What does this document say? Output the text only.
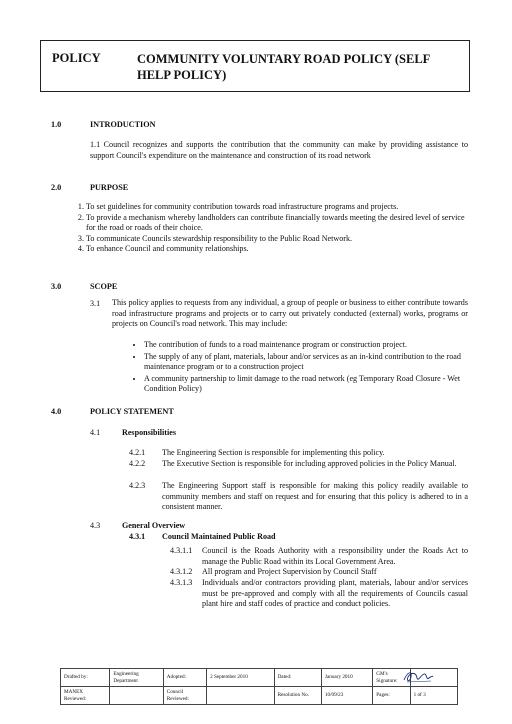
POLICY	COMMUNITY VOLUNTARY ROAD POLICY (SELF HELP POLICY)
1.0	INTRODUCTION
1.1 Council recognizes and supports the contribution that the community can make by providing assistance to support Council's expenditure on the maintenance and construction of its road network
2.0	PURPOSE
1. To set guidelines for community contribution towards road infrastructure programs and projects.
2. To provide a mechanism whereby landholders can contribute financially towards meeting the desired level of service for the road or roads of their choice.
3. To communicate Councils stewardship responsibility to the Public Road Network.
4. To enhance Council and community relationships.
3.0	SCOPE
3.1 This policy applies to requests from any individual, a group of people or business to either contribute towards road infrastructure programs and projects or to carry out privately conducted (external) works, programs or projects on Council's road network. This may include:
• The contribution of funds to a road maintenance program or construction project.
• The supply of any of plant, materials, labour and/or services as an in-kind contribution to the road maintenance program or to a construction project
• A community partnership to limit damage to the road network (eg Temporary Road Closure - Wet Condition Policy)
4.0	POLICY STATEMENT
4.1	Responsibilities
4.2.1 The Engineering Section is responsible for implementing this policy.
4.2.2 The Executive Section is responsible for including approved policies in the Policy Manual.
4.2.3 The Engineering Support staff is responsible for making this policy readily available to community members and staff on request and for ensuring that this policy is adhered to in a consistent manner.
4.3	General Overview
4.3.1 Council Maintained Public Road
4.3.1.1 Council is the Roads Authority with a responsibility under the Roads Act to manage the Public Road within its Local Government Area.
4.3.1.2 All program and Project Supervision by Council Staff
4.3.1.3 Individuals and/or contractors providing plant, materials, labour and/or services must be pre-approved and comply with all the requirements of Councils casual plant hire and staff codes of practice and conduct policies.
Drafted by:	Engineering Department	Adopted:	2 September 2010	Dated:	January 2010	GM's Signature:	
MANEX Reviewed:		Council Reviewed:		Resolution No.	10/09/23	Pages:	1 of 3
